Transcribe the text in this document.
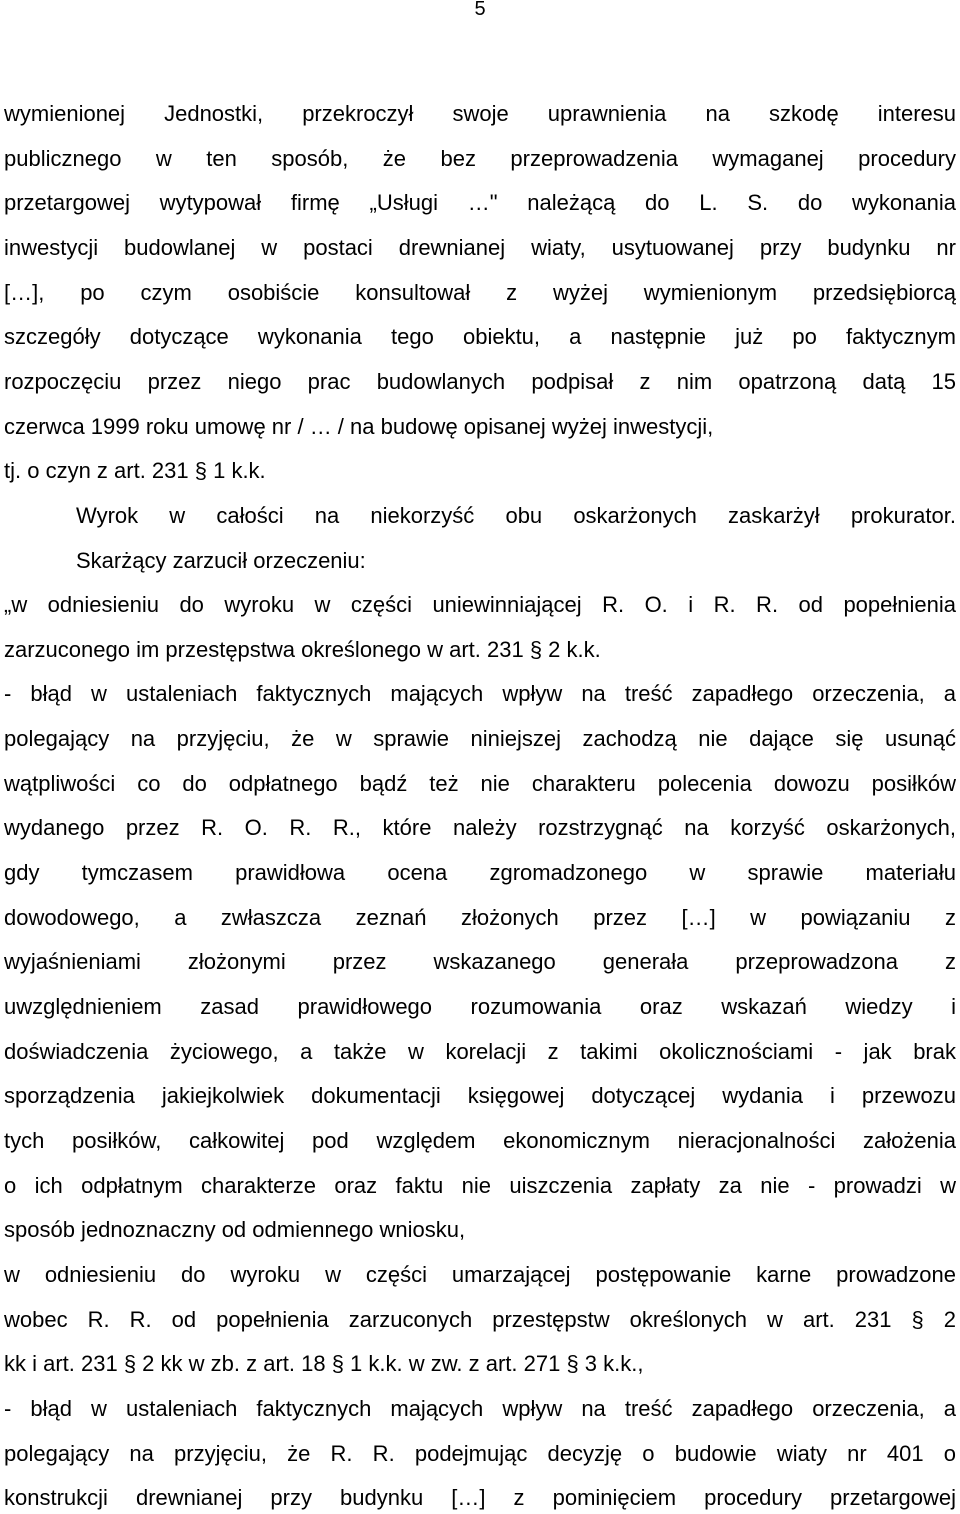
5
wymienionej Jednostki, przekroczył swoje uprawnienia na szkodę interesu
publicznego w ten sposób, że bez przeprowadzenia wymaganej procedury
przetargowej wytypował firmę „Usługi …" należącą do L. S. do wykonania
inwestycji budowlanej w postaci drewnianej wiaty, usytuowanej przy budynku nr
[…], po czym osobiście konsultował z wyżej wymienionym przedsiębiorcą
szczegóły dotyczące wykonania tego obiektu, a następnie już po faktycznym
rozpoczęciu przez niego prac budowlanych podpisał z nim opatrzoną datą 15
czerwca 1999 roku umowę nr / … / na budowę opisanej wyżej inwestycji,
tj. o czyn z art. 231 § 1 k.k.
Wyrok w całości na niekorzyść obu oskarżonych zaskarżył prokurator.
Skarżący zarzucił orzeczeniu:
„w odniesieniu do wyroku w części uniewinniającej R. O. i R. R. od popełnienia
zarzuconego im przestępstwa określonego w art. 231 § 2 k.k.
- błąd w ustaleniach faktycznych mających wpływ na treść zapadłego orzeczenia, a
polegający na przyjęciu, że w sprawie niniejszej zachodzą nie dające się usunąć
wątpliwości co do odpłatnego bądź też nie charakteru polecenia dowozu posiłków
wydanego przez R. O. R. R., które należy rozstrzygnąć na korzyść oskarżonych,
gdy tymczasem prawidłowa ocena zgromadzonego w sprawie materiału
dowodowego, a zwłaszcza zeznań złożonych przez […] w powiązaniu z
wyjaśnieniami złożonymi przez wskazanego generała przeprowadzona z
uwzględnieniem zasad prawidłowego rozumowania oraz wskazań wiedzy i
doświadczenia życiowego, a także w korelacji z takimi okolicznościami - jak brak
sporządzenia jakiejkolwiek dokumentacji księgowej dotyczącej wydania i przewozu
tych posiłków, całkowitej pod względem ekonomicznym nieracjonalności założenia
o ich odpłatnym charakterze oraz faktu nie uiszczenia zapłaty za nie - prowadzi w
sposób jednoznaczny od odmiennego wniosku,
w odniesieniu do wyroku w części umarzającej postępowanie karne prowadzone
wobec R. R. od popełnienia zarzuconych przestępstw określonych w art. 231 § 2
kk i art. 231 § 2 kk w zb. z art. 18 § 1 k.k. w zw. z art. 271 § 3 k.k.,
- błąd w ustaleniach faktycznych mających wpływ na treść zapadłego orzeczenia, a
polegający na przyjęciu, że R. R. podejmując decyzję o budowie wiaty nr 401 o
konstrukcji drewnianej przy budynku […] z pominięciem procedury przetargowej
